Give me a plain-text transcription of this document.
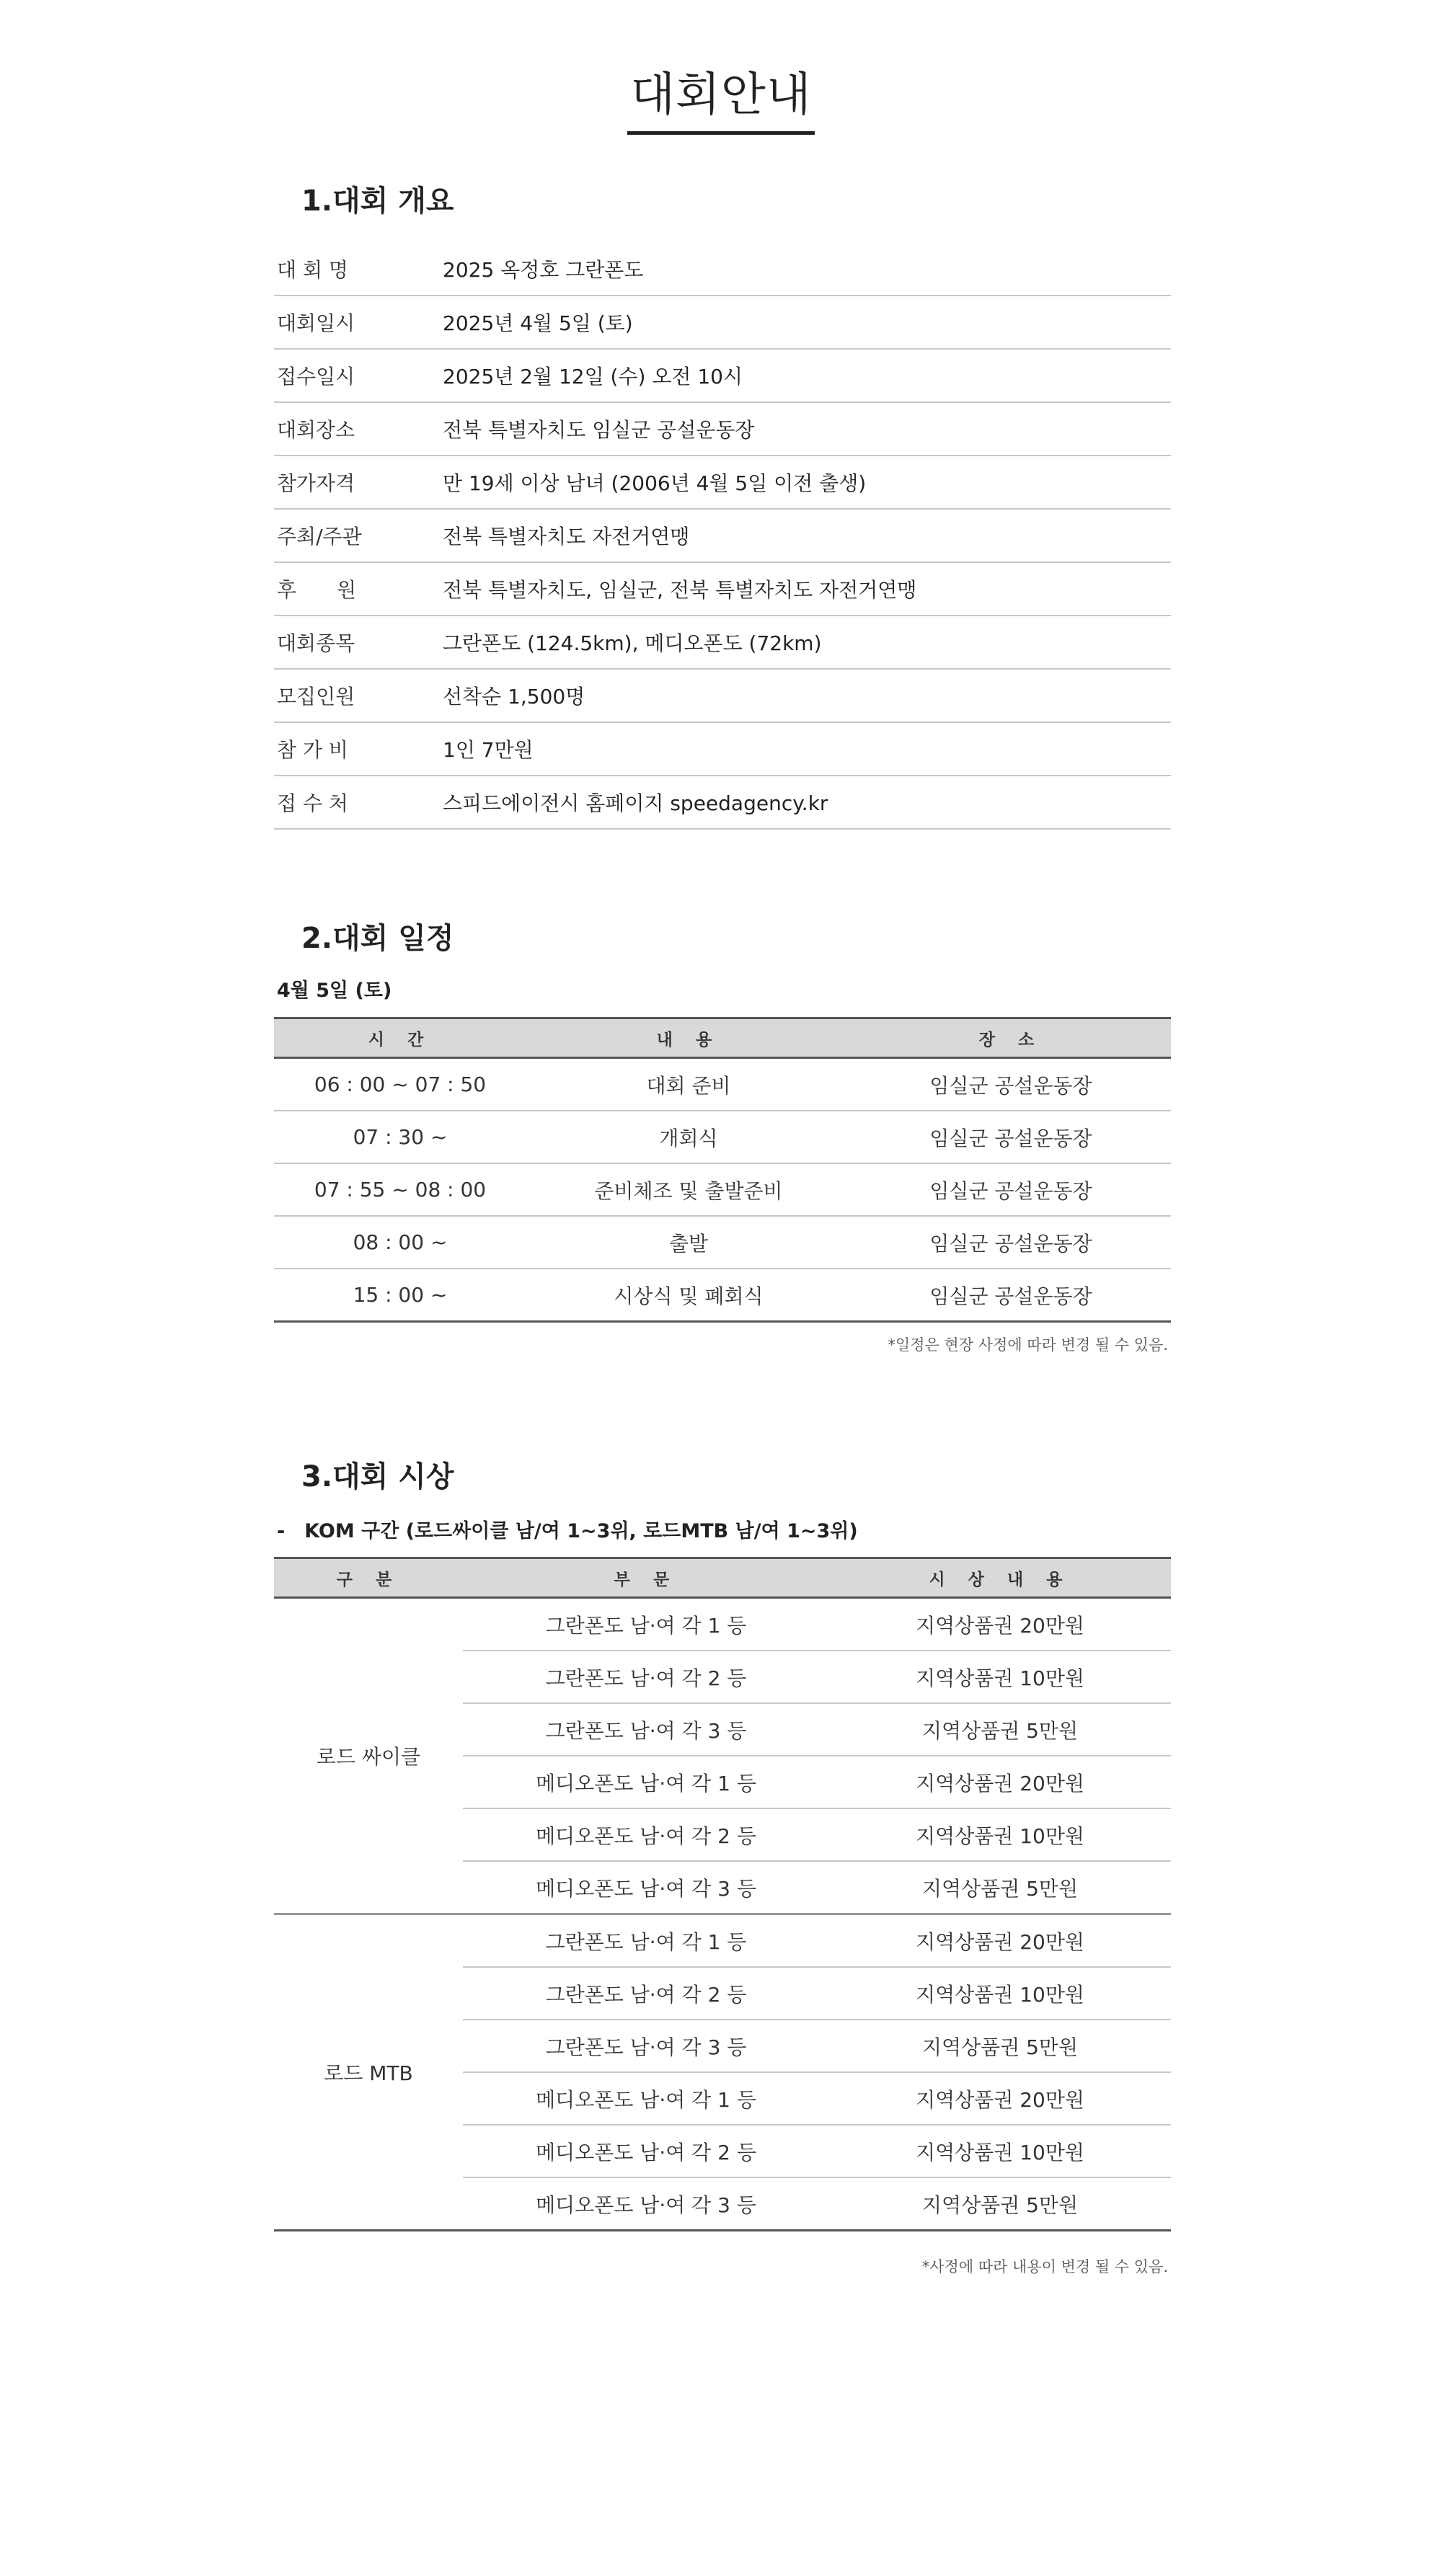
대회안내
1.대회 개요
대 회 명	2025 옥정호 그란폰도
대회일시	2025년 4월 5일 (토)
접수일시	2025년 2월 12일 (수) 오전 10시
대회장소	전북 특별자치도 임실군 공설운동장
참가자격	만 19세 이상 남녀 (2006년 4월 5일 이전 출생)
주최/주관	전북 특별자치도 자전거연맹
후　　원	전북 특별자치도, 임실군, 전북 특별자치도 자전거연맹
대회종목	그란폰도 (124.5km), 메디오폰도 (72km)
모집인원	선착순 1,500명
참 가 비	1인 7만원
접 수 처	스피드에이전시 홈페이지 speedagency.kr
2.대회 일정
4월 5일 (토)
시 간	내 용	장 소
06 : 00 ~ 07 : 50	대회 준비	임실군 공설운동장
07 : 30 ~	개회식	임실군 공설운동장
07 : 55 ~ 08 : 00	준비체조 및 출발준비	임실군 공설운동장
08 : 00 ~	출발	임실군 공설운동장
15 : 00 ~	시상식 및 폐회식	임실군 공설운동장
*일정은 현장 사정에 따라 변경 될 수 있음.
3.대회 시상
-　KOM 구간 (로드싸이클 남/여 1~3위, 로드MTB 남/여 1~3위)
구 분	부 문	시 상 내 용
로드 싸이클	그란폰도 남·여 각 1 등	지역상품권 20만원
	그란폰도 남·여 각 2 등	지역상품권 10만원
	그란폰도 남·여 각 3 등	지역상품권 5만원
	메디오폰도 남·여 각 1 등	지역상품권 20만원
	메디오폰도 남·여 각 2 등	지역상품권 10만원
	메디오폰도 남·여 각 3 등	지역상품권 5만원
로드 MTB	그란폰도 남·여 각 1 등	지역상품권 20만원
	그란폰도 남·여 각 2 등	지역상품권 10만원
	그란폰도 남·여 각 3 등	지역상품권 5만원
	메디오폰도 남·여 각 1 등	지역상품권 20만원
	메디오폰도 남·여 각 2 등	지역상품권 10만원
	메디오폰도 남·여 각 3 등	지역상품권 5만원
*사정에 따라 내용이 변경 될 수 있음.
